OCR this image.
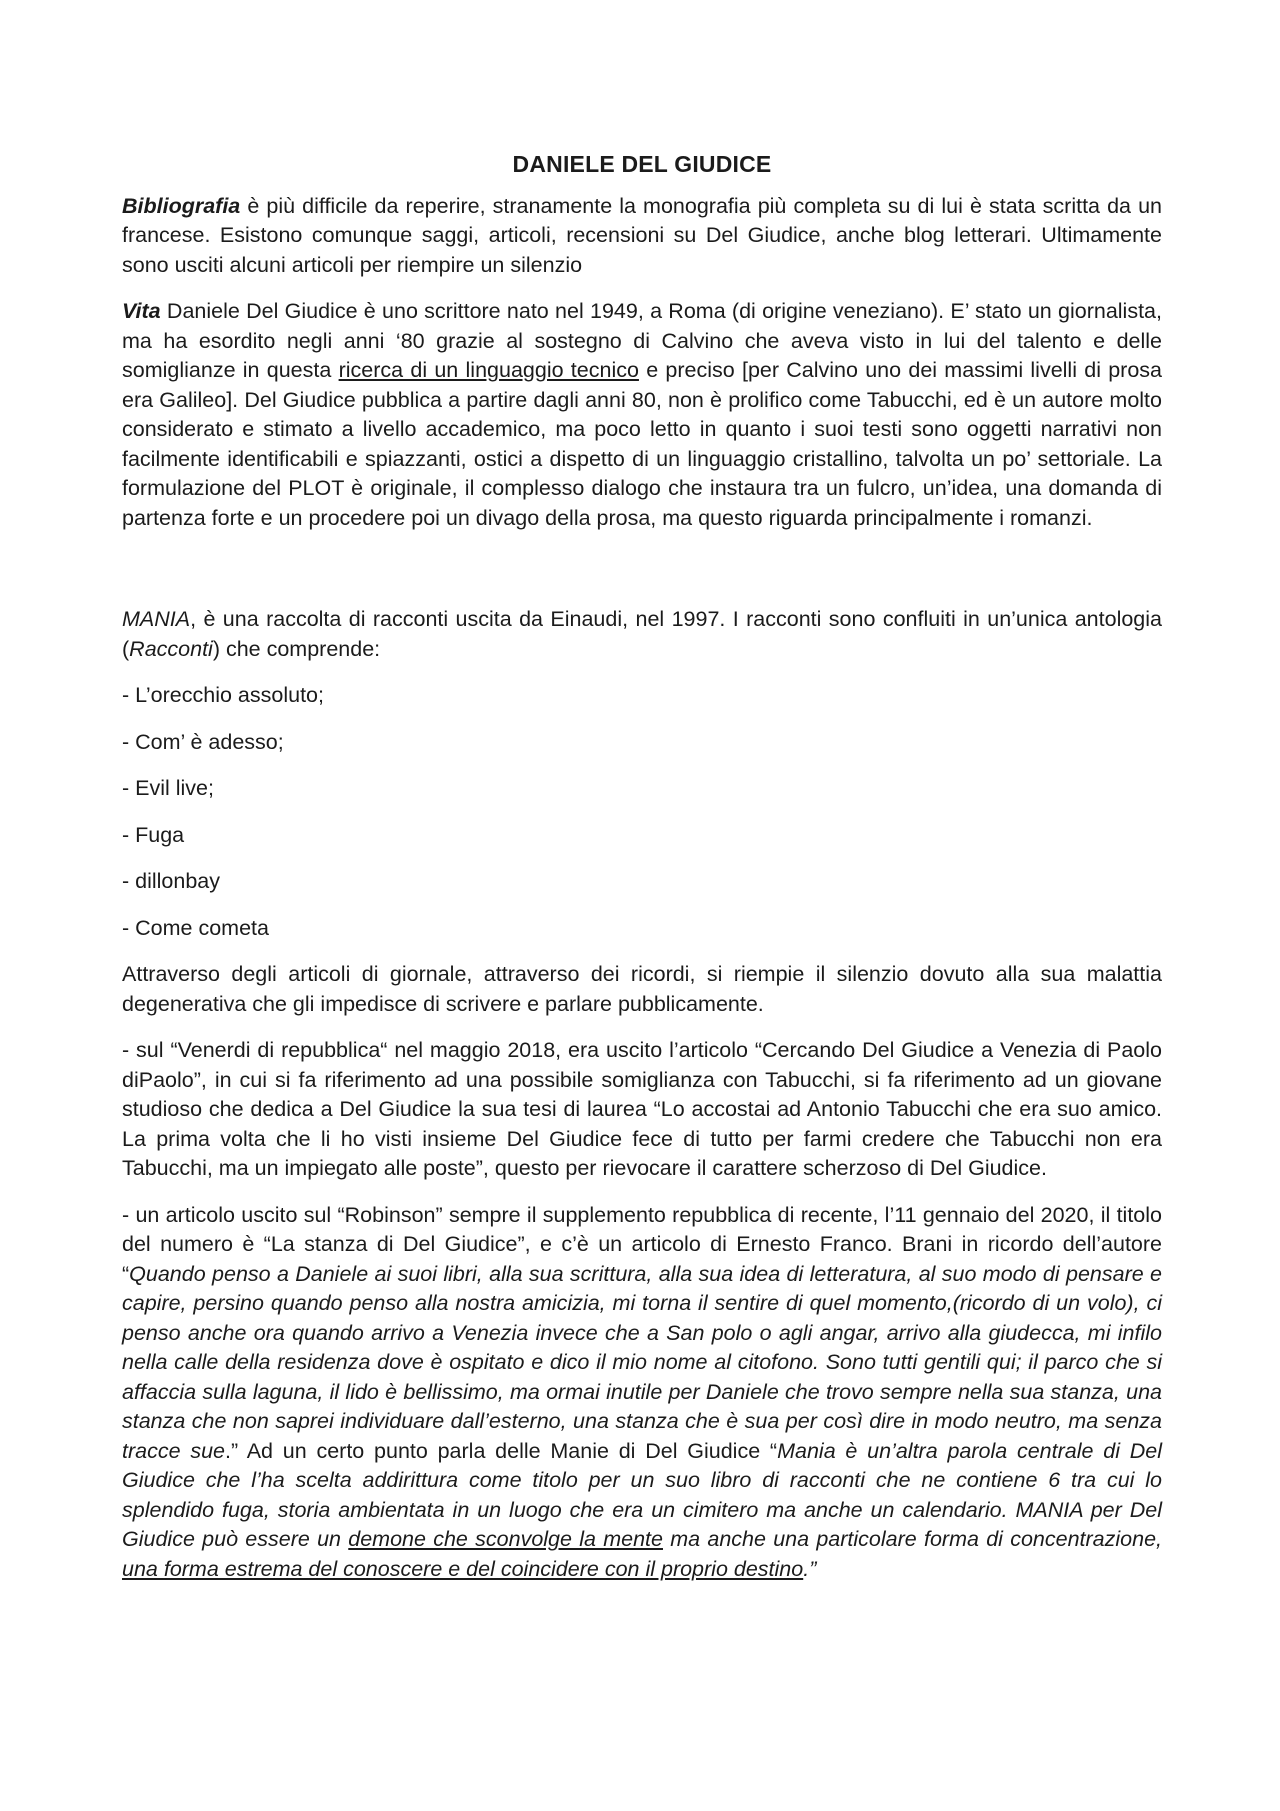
DANIELE DEL GIUDICE

Bibliografia è più difficile da reperire, stranamente la monografia più completa su di lui è stata scritta da un francese. Esistono comunque saggi, articoli, recensioni su Del Giudice, anche blog letterari. Ultimamente sono usciti alcuni articoli per riempire un silenzio

Vita Daniele Del Giudice è uno scrittore nato nel 1949, a Roma (di origine veneziano). E’ stato un giornalista, ma ha esordito negli anni ‘80 grazie al sostegno di Calvino che aveva visto in lui del talento e delle somiglianze in questa ricerca di un linguaggio tecnico e preciso [per Calvino uno dei massimi livelli di prosa era Galileo]. Del Giudice pubblica a partire dagli anni 80, non è prolifico come Tabucchi, ed è un autore molto considerato e stimato a livello accademico, ma poco letto in quanto i suoi testi sono oggetti narrativi non facilmente identificabili e spiazzanti, ostici a dispetto di un linguaggio cristallino, talvolta un po’ settoriale. La formulazione del PLOT è originale, il complesso dialogo che instaura tra un fulcro, un’idea, una domanda di partenza forte e un procedere poi un divago della prosa, ma questo riguarda principalmente i romanzi.

MANIA, è una raccolta di racconti uscita da Einaudi, nel 1997. I racconti sono confluiti in un’unica antologia (Racconti) che comprende:

- L’orecchio assoluto;
- Com’ è adesso;
- Evil live;
- Fuga
- dillonbay
- Come cometa

Attraverso degli articoli di giornale, attraverso dei ricordi, si riempie il silenzio dovuto alla sua malattia degenerativa che gli impedisce di scrivere e parlare pubblicamente.

- sul “Venerdi di repubblica“ nel maggio 2018, era uscito l’articolo “Cercando Del Giudice a Venezia di Paolo diPaolo”, in cui si fa riferimento ad una possibile somiglianza con Tabucchi, si fa riferimento ad un giovane studioso che dedica a Del Giudice la sua tesi di laurea “Lo accostai ad Antonio Tabucchi che era suo amico. La prima volta che li ho visti insieme Del Giudice fece di tutto per farmi credere che Tabucchi non era Tabucchi, ma un impiegato alle poste”, questo per rievocare il carattere scherzoso di Del Giudice.

- un articolo uscito sul “Robinson” sempre il supplemento repubblica di recente, l’11 gennaio del 2020, il titolo del numero è “La stanza di Del Giudice”, e c’è un articolo di Ernesto Franco. Brani in ricordo dell’autore “Quando penso a Daniele ai suoi libri, alla sua scrittura, alla sua idea di letteratura, al suo modo di pensare e capire, persino quando penso alla nostra amicizia, mi torna il sentire di quel momento,(ricordo di un volo), ci penso anche ora quando arrivo a Venezia invece che a San polo o agli angar, arrivo alla giudecca, mi infilo nella calle della residenza dove è ospitato e dico il mio nome al citofono. Sono tutti gentili qui; il parco che si affaccia sulla laguna, il lido è bellissimo, ma ormai inutile per Daniele che trovo sempre nella sua stanza, una stanza che non saprei individuare dall’esterno, una stanza che è sua per così dire in modo neutro, ma senza tracce sue.” Ad un certo punto parla delle Manie di Del Giudice “Mania è un’altra parola centrale di Del Giudice che l’ha scelta addirittura come titolo per un suo libro di racconti che ne contiene 6 tra cui lo splendido fuga, storia ambientata in un luogo che era un cimitero ma anche un calendario. MANIA per Del Giudice può essere un demone che sconvolge la mente ma anche una particolare forma di concentrazione, una forma estrema del conoscere e del coincidere con il proprio destino.”
